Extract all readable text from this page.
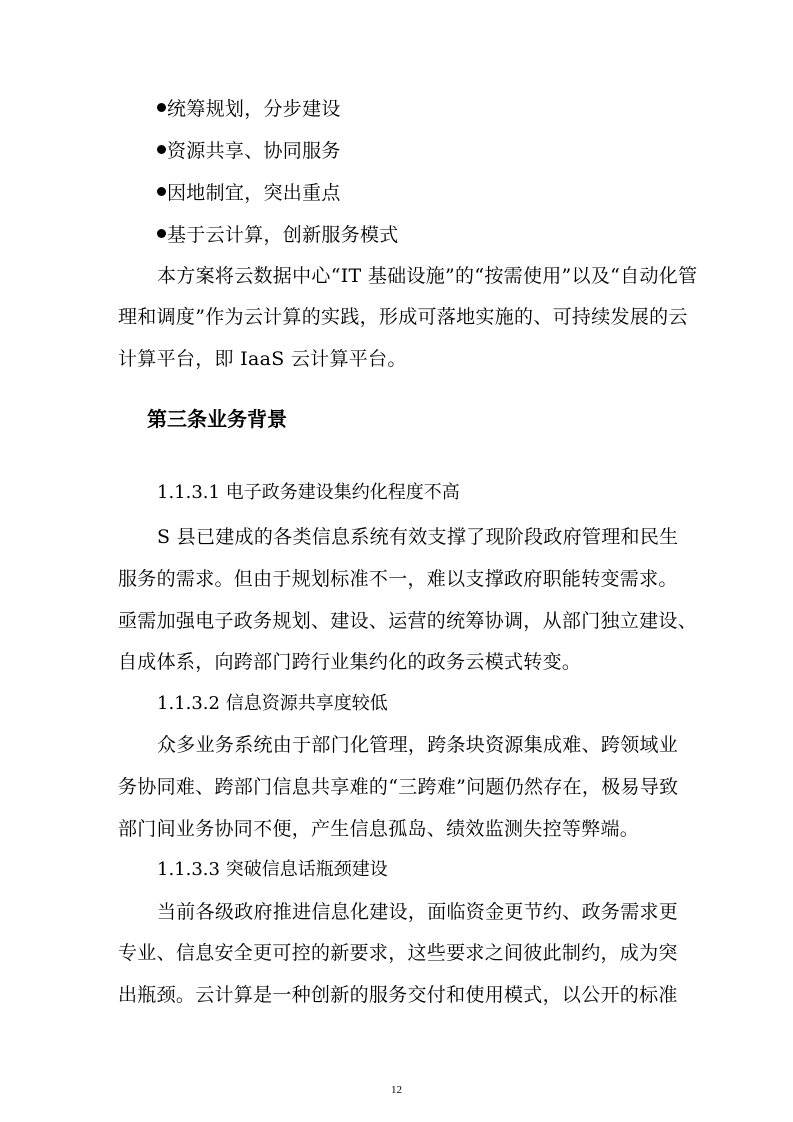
统筹规划，分步建设
资源共享、协同服务
因地制宜，突出重点
基于云计算，创新服务模式
本方案将云数据中心“IT 基础设施”的“按需使用”以及“自动化管
理和调度”作为云计算的实践，形成可落地实施的、可持续发展的云
计算平台，即 IaaS 云计算平台。
第三条业务背景
1.1.3.1 电子政务建设集约化程度不高
S 县已建成的各类信息系统有效支撑了现阶段政府管理和民生
服务的需求。但由于规划标准不一，难以支撑政府职能转变需求。
亟需加强电子政务规划、建设、运营的统筹协调，从部门独立建设、
自成体系，向跨部门跨行业集约化的政务云模式转变。
1.1.3.2 信息资源共享度较低
众多业务系统由于部门化管理，跨条块资源集成难、跨领域业
务协同难、跨部门信息共享难的“三跨难”问题仍然存在，极易导致
部门间业务协同不便，产生信息孤岛、绩效监测失控等弊端。
1.1.3.3 突破信息话瓶颈建设
当前各级政府推进信息化建设，面临资金更节约、政务需求更
专业、信息安全更可控的新要求，这些要求之间彼此制约，成为突
出瓶颈。云计算是一种创新的服务交付和使用模式，以公开的标准
12
